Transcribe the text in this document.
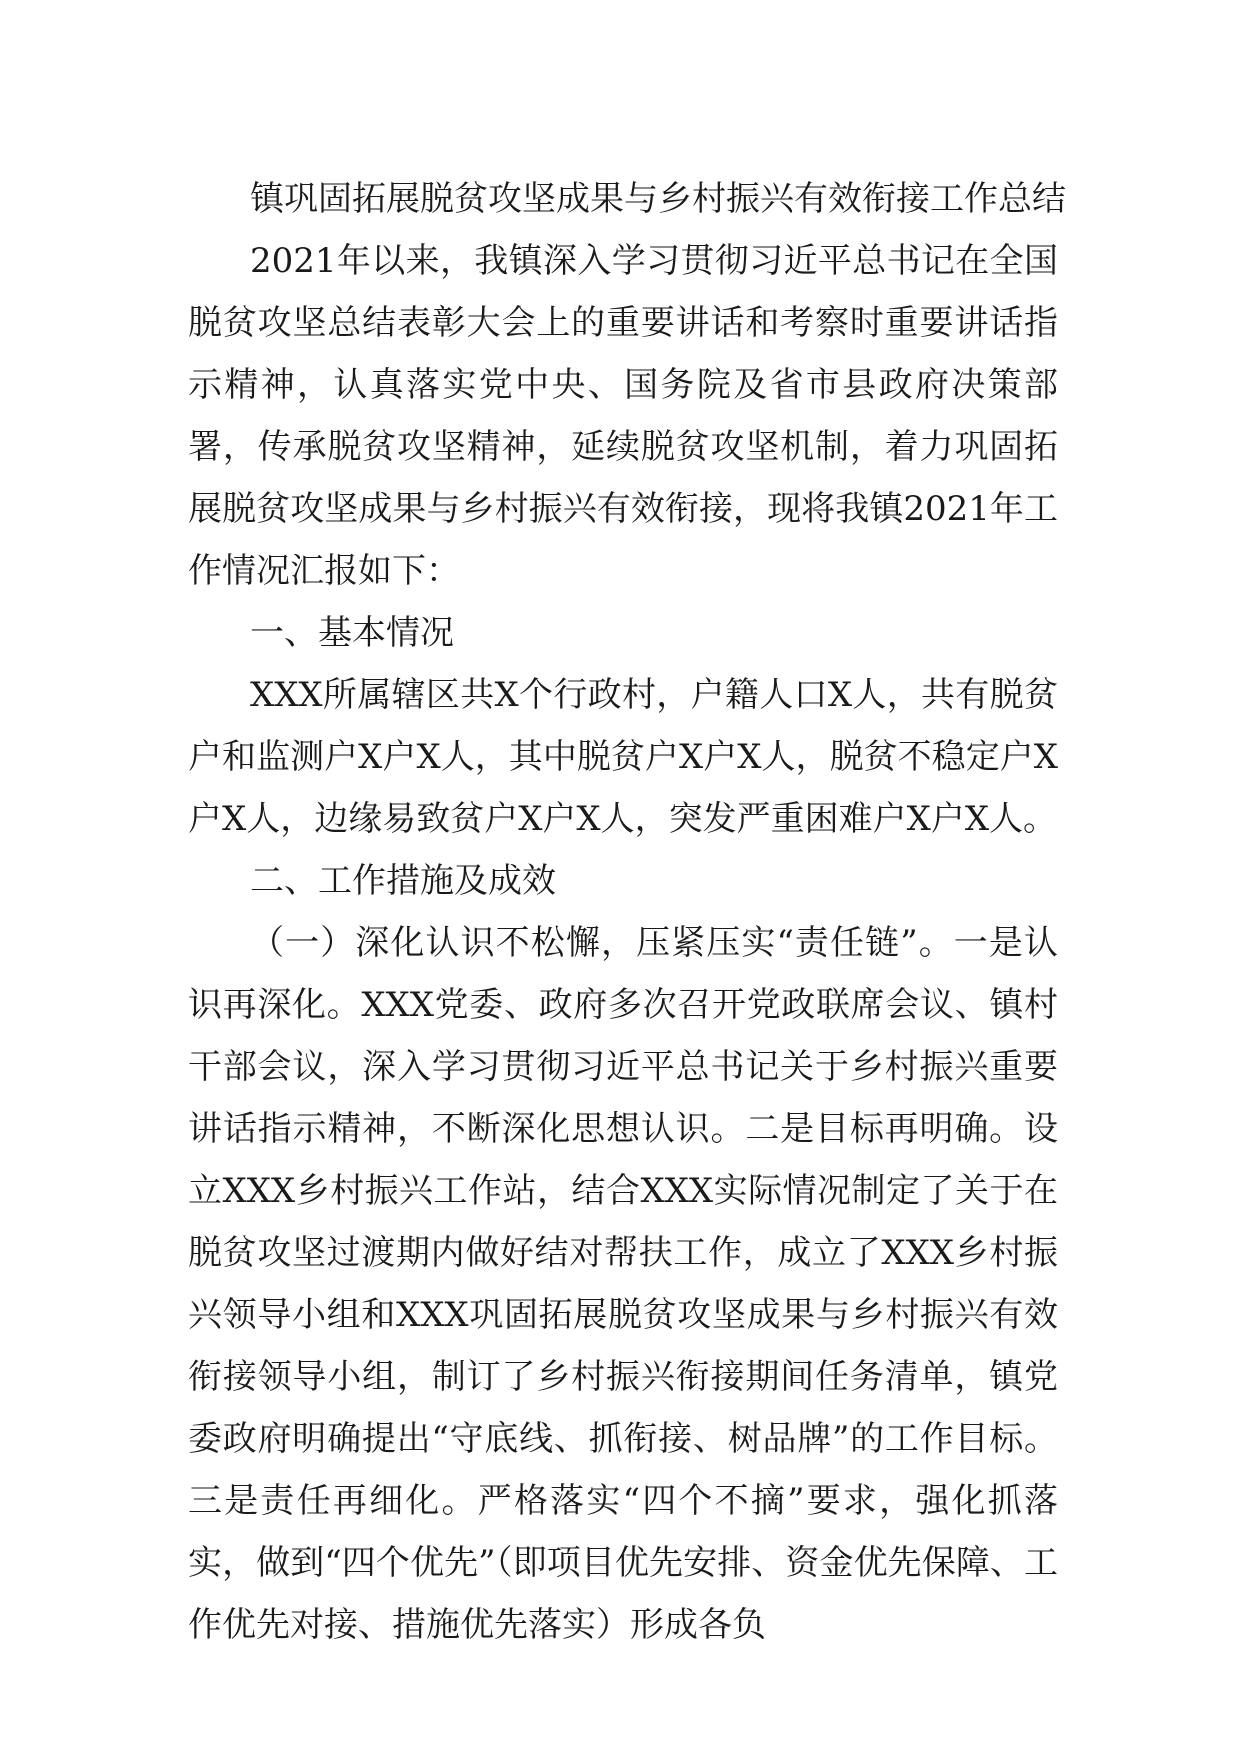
镇巩固拓展脱贫攻坚成果与乡村振兴有效衔接工作总结

2021年以来，我镇深入学习贯彻习近平总书记在全国脱贫攻坚总结表彰大会上的重要讲话和考察时重要讲话指示精神，认真落实党中央、国务院及省市县政府决策部署，传承脱贫攻坚精神，延续脱贫攻坚机制，着力巩固拓展脱贫攻坚成果与乡村振兴有效衔接，现将我镇2021年工作情况汇报如下：

一、基本情况

XXX所属辖区共X个行政村，户籍人口X人，共有脱贫户和监测户X户X人，其中脱贫户X户X人，脱贫不稳定户X户X人，边缘易致贫户X户X人，突发严重困难户X户X人。

二、工作措施及成效

（一）深化认识不松懈，压紧压实“责任链”。一是认识再深化。XXX党委、政府多次召开党政联席会议、镇村干部会议，深入学习贯彻习近平总书记关于乡村振兴重要讲话指示精神，不断深化思想认识。二是目标再明确。设立XXX乡村振兴工作站，结合XXX实际情况制定了关于在脱贫攻坚过渡期内做好结对帮扶工作，成立了XXX乡村振兴领导小组和XXX巩固拓展脱贫攻坚成果与乡村振兴有效衔接领导小组，制订了乡村振兴衔接期间任务清单，镇党委政府明确提出“守底线、抓衔接、树品牌”的工作目标。三是责任再细化。严格落实“四个不摘”要求，强化抓落实，做到“四个优先”（即项目优先安排、资金优先保障、工作优先对接、措施优先落实）形成各负
